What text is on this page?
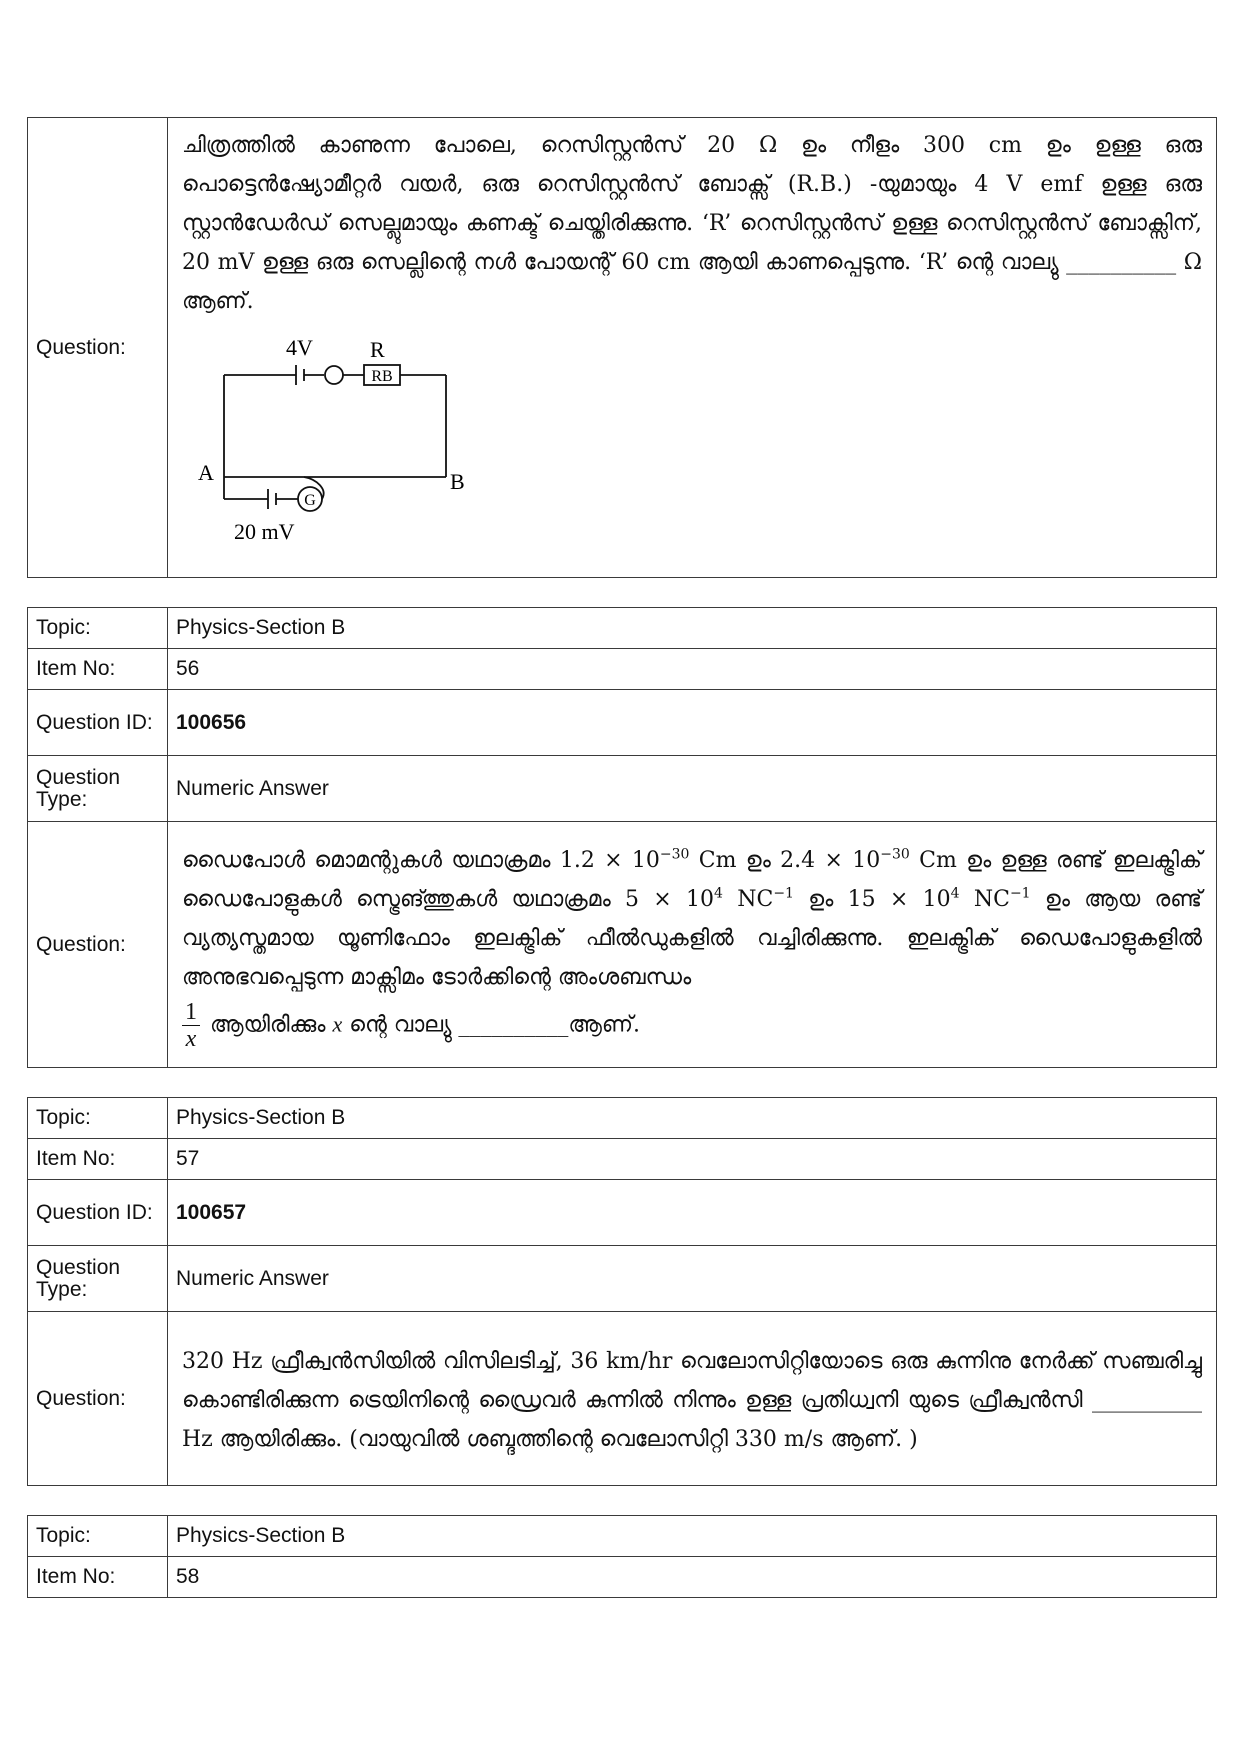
Question:	

ചിത്രത്തിൽ കാണുന്ന പോലെ, റെസിസ്റ്റൻസ് 20 Ω ഉം നീളം 300 cm ഉം ഉള്ള ഒരു പൊട്ടെൻഷ്യോമീറ്റർ വയർ, ഒരു റെസിസ്റ്റൻസ് ബോക്സ് (R.B.) -യുമായും 4 V emf ഉള്ള ഒരു സ്റ്റാൻഡേർഡ് സെല്ലുമായും കണക്ട് ചെയ്തിരിക്കുന്നു. ‘R’ റെസിസ്റ്റൻസ് ഉള്ള റെസിസ്റ്റൻസ് ബോക്സിന്, 20 mV ഉള്ള ഒരു സെല്ലിന്റെ നൾ പോയന്റ് 60 cm ആയി കാണപ്പെടുന്നു. ‘R’ ന്റെ വാല്യു __________ Ω ആണ്.

4V	R
RB
A	B
G
20 mV
Topic:	Physics-Section B
Item No:	56
Question ID:	100656
Question Type:	Numeric Answer
Question:	ഡൈപോൾ മൊമന്റുകൾ യഥാക്രമം $1.2 \times 10^{-30}$ Cm ഉം $2.4 \times 10^{-30}$ Cm ഉം ഉള്ള രണ്ട് ഇലക്ട്രിക് ഡൈപോളുകൾ സ്ട്രെങ്ത്തുകൾ യഥാക്രമം $5 \times 10^4$ $NC^{-1}$ ഉം $15 \times 10^4$ $NC^{-1}$ ഉം ആയ രണ്ട് വ്യത്യസ്തമായ യൂണിഫോം ഇലക്ട്രിക് ഫീൽഡുകളിൽ വച്ചിരിക്കുന്നു. ഇലക്ട്രിക് ഡൈപോളുകളിൽ അനുഭവപ്പെടുന്ന മാക്സിമം ടോർക്കിന്റെ അംശബന്ധം

$\frac{1}{x}$ ആയിരിക്കും x ന്റെ വാല്യു __________ആണ്.

Topic:	Physics-Section B
Item No:	57
Question ID:	100657
Question Type:	Numeric Answer
Question:	320 Hz ഫ്രീക്വൻസിയിൽ വിസിലടിച്ച്, 36 km/hr വെലോസിറ്റിയോടെ ഒരു കുന്നിനു നേർക്ക് സഞ്ചരിച്ചു കൊണ്ടിരിക്കുന്ന ട്രെയിനിന്റെ ഡ്രൈവർ കുന്നിൽ നിന്നും ഉള്ള പ്രതിധ്വനി യുടെ ഫ്രീക്വൻസി __________ Hz ആയിരിക്കും. (വായുവിൽ ശബ്ദത്തിന്റെ വെലോസിറ്റി 330 m/s ആണ്. )

Topic:	Physics-Section B
Item No:	58
